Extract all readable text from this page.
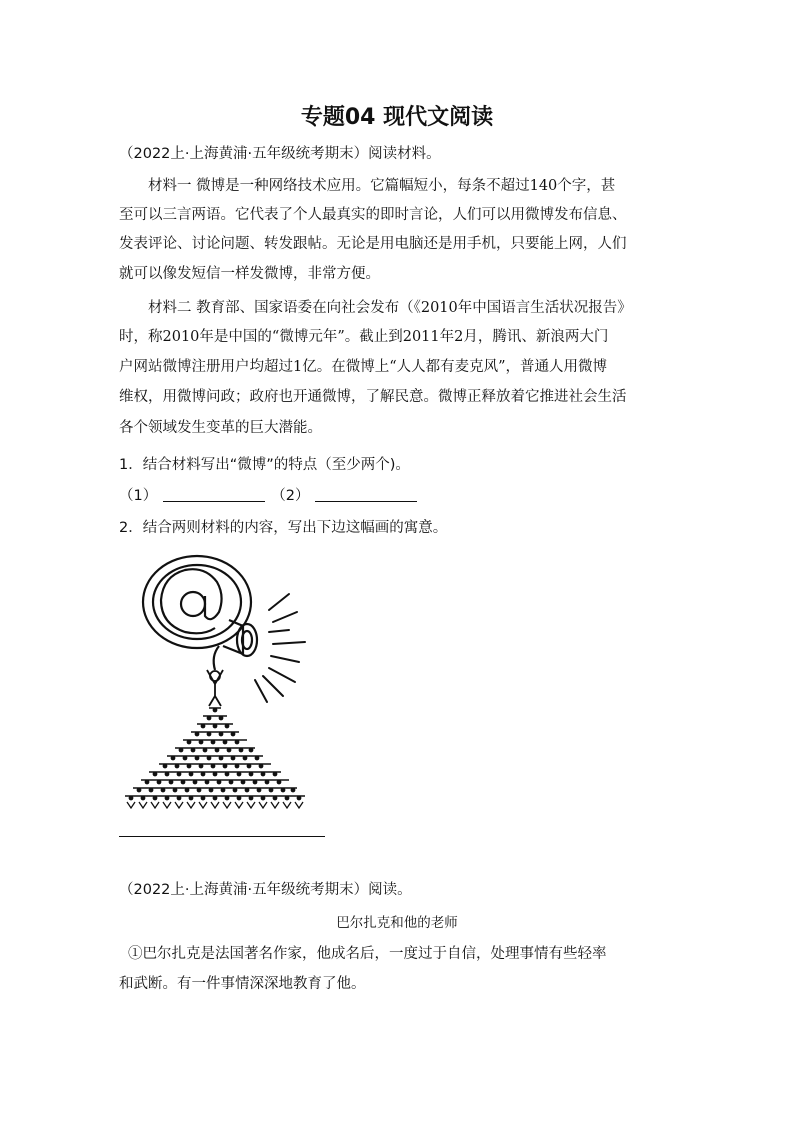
专题04 现代文阅读
（2022上·上海黄浦·五年级统考期末）阅读材料。
材料一 微博是一种网络技术应用。它篇幅短小，每条不超过140个字，甚
至可以三言两语。它代表了个人最真实的即时言论，人们可以用微博发布信息、
发表评论、讨论问题、转发跟帖。无论是用电脑还是用手机，只要能上网，人们
就可以像发短信一样发微博，非常方便。
材料二 教育部、国家语委在向社会发布（《2010年中国语言生活状况报告》
时，称2010年是中国的“微博元年”。截止到2011年2月，腾讯、新浪两大门
户网站微博注册用户均超过1亿。在微博上“人人都有麦克风”，普通人用微博
维权，用微博问政；政府也开通微博，了解民意。微博正释放着它推进社会生活
各个领域发生变革的巨大潜能。
1．结合材料写出“微博”的特点（至少两个)。
（1）	（2）
2．结合两则材料的内容，写出下边这幅画的寓意。
（2022上·上海黄浦·五年级统考期末）阅读。
巴尔扎克和他的老师
①巴尔扎克是法国著名作家，他成名后，一度过于自信，处理事情有些轻率
和武断。有一件事情深深地教育了他。
